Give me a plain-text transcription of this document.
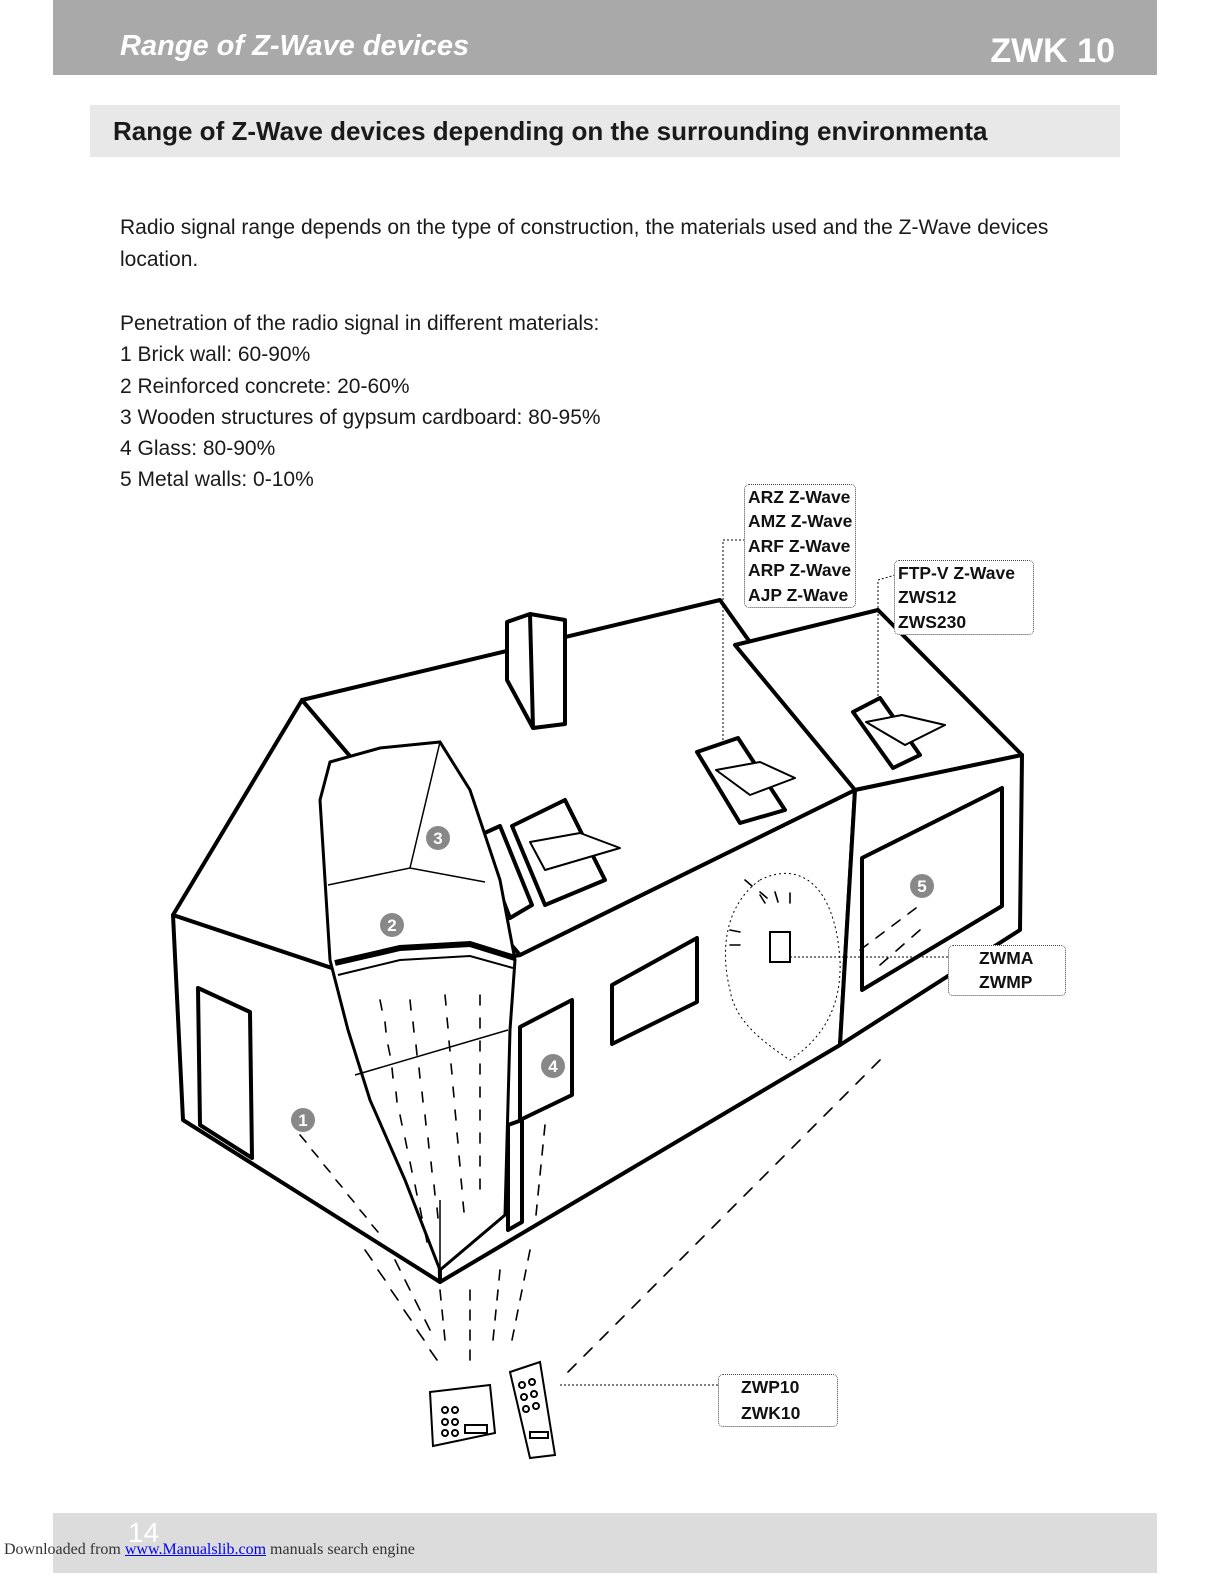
Range of Z-Wave devices	ZWK 10
Range of Z-Wave devices depending on the surrounding environmenta
Radio signal range depends on the type of construction, the materials used and the Z-Wave devices location.
Penetration of the radio signal in different materials:
1 Brick wall: 60-90%
2 Reinforced concrete: 20-60%
3 Wooden structures of gypsum cardboard: 80-95%
4 Glass: 80-90%
5 Metal walls: 0-10%
1
2
3
4
5
ARZ Z-Wave
AMZ Z-Wave
ARF Z-Wave
ARP Z-Wave
AJP Z-Wave
FTP-V Z-Wave
ZWS12
ZWS230
ZWMA
ZWMP
ZWP10
ZWK10
14
Downloaded from www.Manualslib.com manuals search engine
